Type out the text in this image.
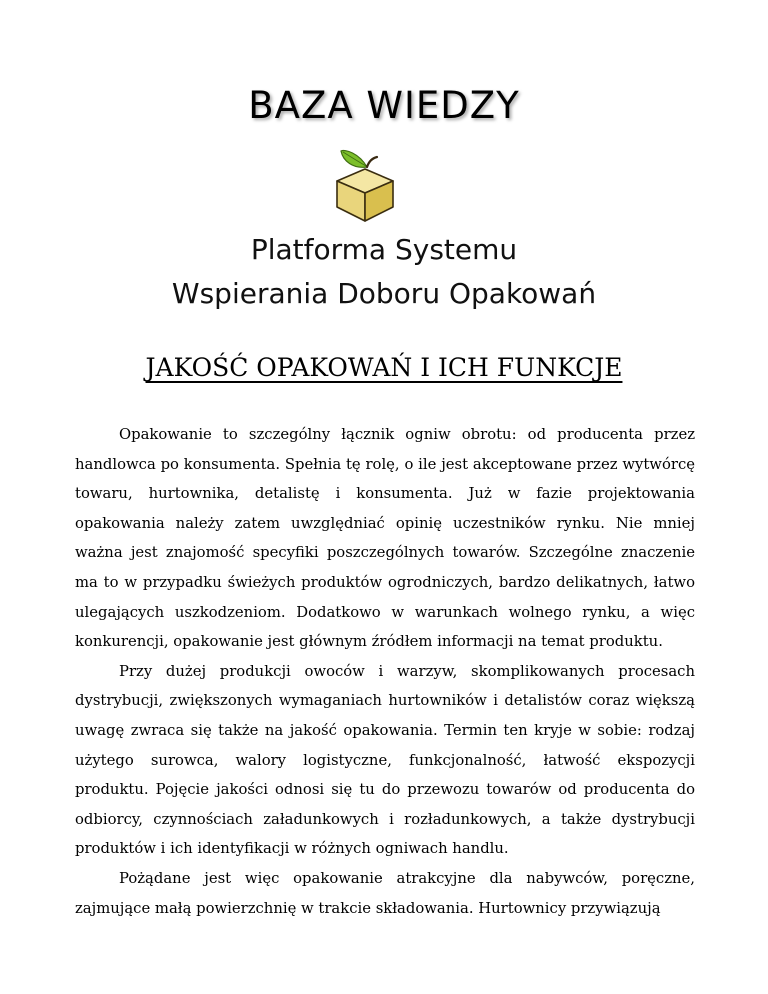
BAZA WIEDZY
Platforma Systemu
Wspierania Doboru Opakowań
JAKOŚĆ OPAKOWAŃ I ICH FUNKCJE

Opakowanie to szczególny łącznik ogniw obrotu: od producenta przez handlowca po konsumenta. Spełnia tę rolę, o ile jest akceptowane przez wytwórcę towaru, hurtownika, detalistę i konsumenta. Już w fazie projektowania opakowania należy zatem uwzględniać opinię uczestników rynku. Nie mniej ważna jest znajomość specyfiki poszczególnych towarów. Szczególne znaczenie ma to w przypadku świeżych produktów ogrodniczych, bardzo delikatnych, łatwo ulegających uszkodzeniom. Dodatkowo w warunkach wolnego rynku, a więc konkurencji, opakowanie jest głównym źródłem informacji na temat produktu.

Przy dużej produkcji owoców i warzyw, skomplikowanych procesach dystrybucji, zwiększonych wymaganiach hurtowników i detalistów coraz większą uwagę zwraca się także na jakość opakowania. Termin ten kryje w sobie: rodzaj użytego surowca, walory logistyczne, funkcjonalność, łatwość ekspozycji produktu. Pojęcie jakości odnosi się tu do przewozu towarów od producenta do odbiorcy, czynnościach załadunkowych i rozładunkowych, a także dystrybucji produktów i ich identyfikacji w różnych ogniwach handlu.

Pożądane jest więc opakowanie atrakcyjne dla nabywców, poręczne, zajmujące małą powierzchnię w trakcie składowania. Hurtownicy przywiązują
